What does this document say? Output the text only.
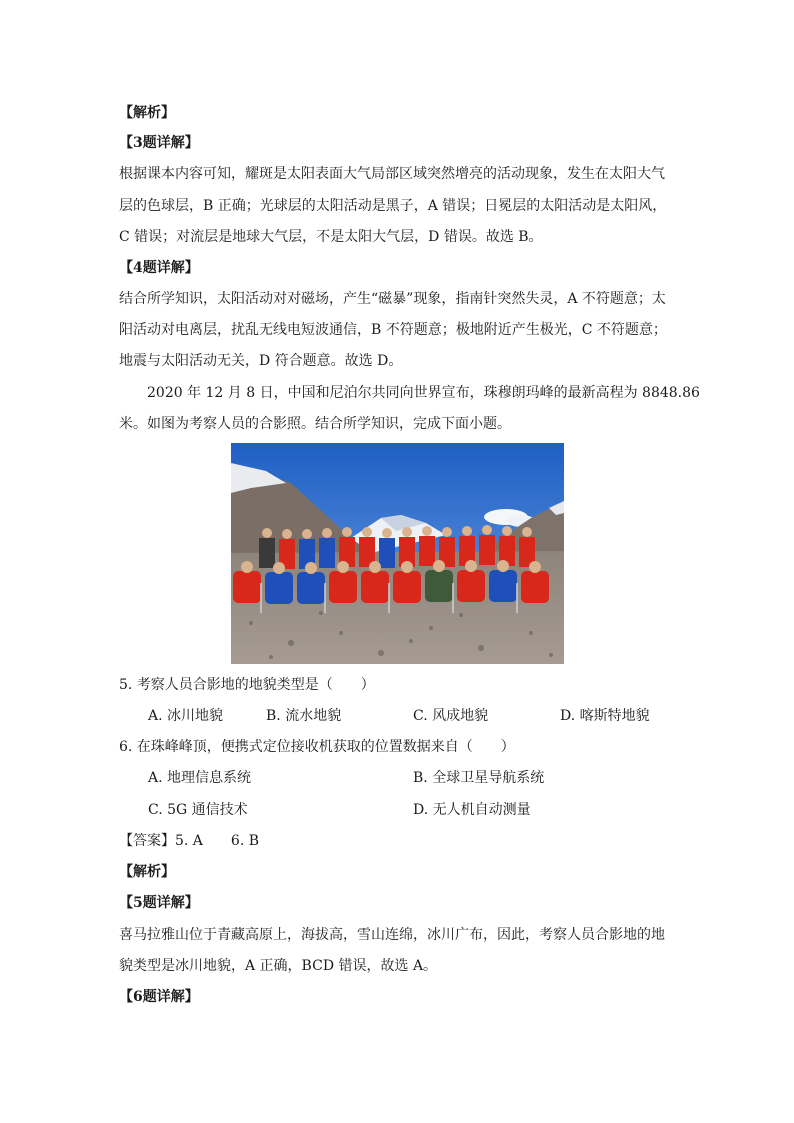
【解析】
【3题详解】
根据课本内容可知，耀斑是太阳表面大气局部区域突然增亮的活动现象，发生在太阳大气
层的色球层，B 正确；光球层的太阳活动是黑子，A 错误；日冕层的太阳活动是太阳风，
C 错误；对流层是地球大气层，不是太阳大气层，D 错误。故选 B。
【4题详解】
结合所学知识，太阳活动对对磁场，产生“磁暴”现象，指南针突然失灵，A 不符题意；太
阳活动对电离层，扰乱无线电短波通信，B 不符题意；极地附近产生极光，C 不符题意；
地震与太阳活动无关，D 符合题意。故选 D。
2020 年 12 月 8 日，中国和尼泊尔共同向世界宣布，珠穆朗玛峰的最新高程为 8848.86
米。如图为考察人员的合影照。结合所学知识，完成下面小题。
5. 考察人员合影地的地貌类型是（　　）
A. 冰川地貌	B. 流水地貌	C. 风成地貌	D. 喀斯特地貌
6. 在珠峰峰顶，便携式定位接收机获取的位置数据来自（　　）
A. 地理信息系统	B. 全球卫星导航系统
C. 5G 通信技术	D. 无人机自动测量
【答案】5. A　　6. B
【解析】
【5题详解】
喜马拉雅山位于青藏高原上，海拔高，雪山连绵，冰川广布，因此，考察人员合影地的地
貌类型是冰川地貌，A 正确，BCD 错误，故选 A。
【6题详解】
